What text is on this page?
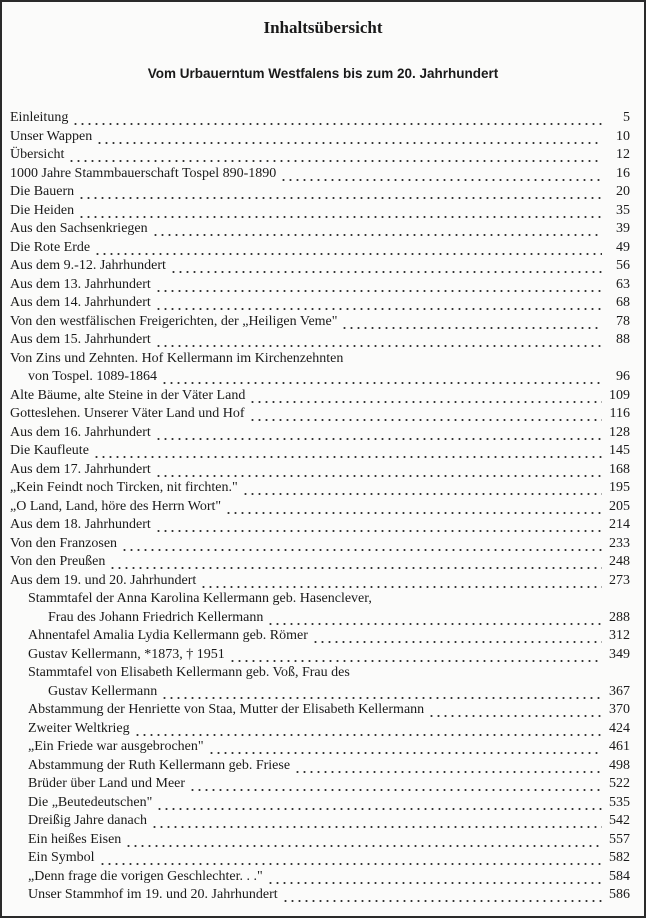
Inhaltsübersicht
Vom Urbauerntum Westfalens bis zum 20. Jahrhundert
Einleitung	5
Unser Wappen	10
Übersicht	12
1000 Jahre Stammbauerschaft Tospel 890-1890	16
Die Bauern	20
Die Heiden	35
Aus den Sachsenkriegen	39
Die Rote Erde	49
Aus dem 9.-12. Jahrhundert	56
Aus dem 13. Jahrhundert	63
Aus dem 14. Jahrhundert	68
Von den westfälischen Freigerichten, der „Heiligen Veme"	78
Aus dem 15. Jahrhundert	88
Von Zins und Zehnten. Hof Kellermann im Kirchenzehnten
von Tospel. 1089-1864	96
Alte Bäume, alte Steine in der Väter Land	109
Gotteslehen. Unserer Väter Land und Hof	116
Aus dem 16. Jahrhundert	128
Die Kaufleute	145
Aus dem 17. Jahrhundert	168
„Kein Feindt noch Tircken, nit firchten."	195
„O Land, Land, höre des Herrn Wort"	205
Aus dem 18. Jahrhundert	214
Von den Franzosen	233
Von den Preußen	248
Aus dem 19. und 20. Jahrhundert	273
Stammtafel der Anna Karolina Kellermann geb. Hasenclever,
Frau des Johann Friedrich Kellermann	288
Ahnentafel Amalia Lydia Kellermann geb. Römer	312
Gustav Kellermann, *1873, † 1951	349
Stammtafel von Elisabeth Kellermann geb. Voß, Frau des
Gustav Kellermann	367
Abstammung der Henriette von Staa, Mutter der Elisabeth Kellermann	370
Zweiter Weltkrieg	424
„Ein Friede war ausgebrochen"	461
Abstammung der Ruth Kellermann geb. Friese	498
Brüder über Land und Meer	522
Die „Beutedeutschen"	535
Dreißig Jahre danach	542
Ein heißes Eisen	557
Ein Symbol	582
„Denn frage die vorigen Geschlechter. . ."	584
Unser Stammhof im 19. und 20. Jahrhundert	586
